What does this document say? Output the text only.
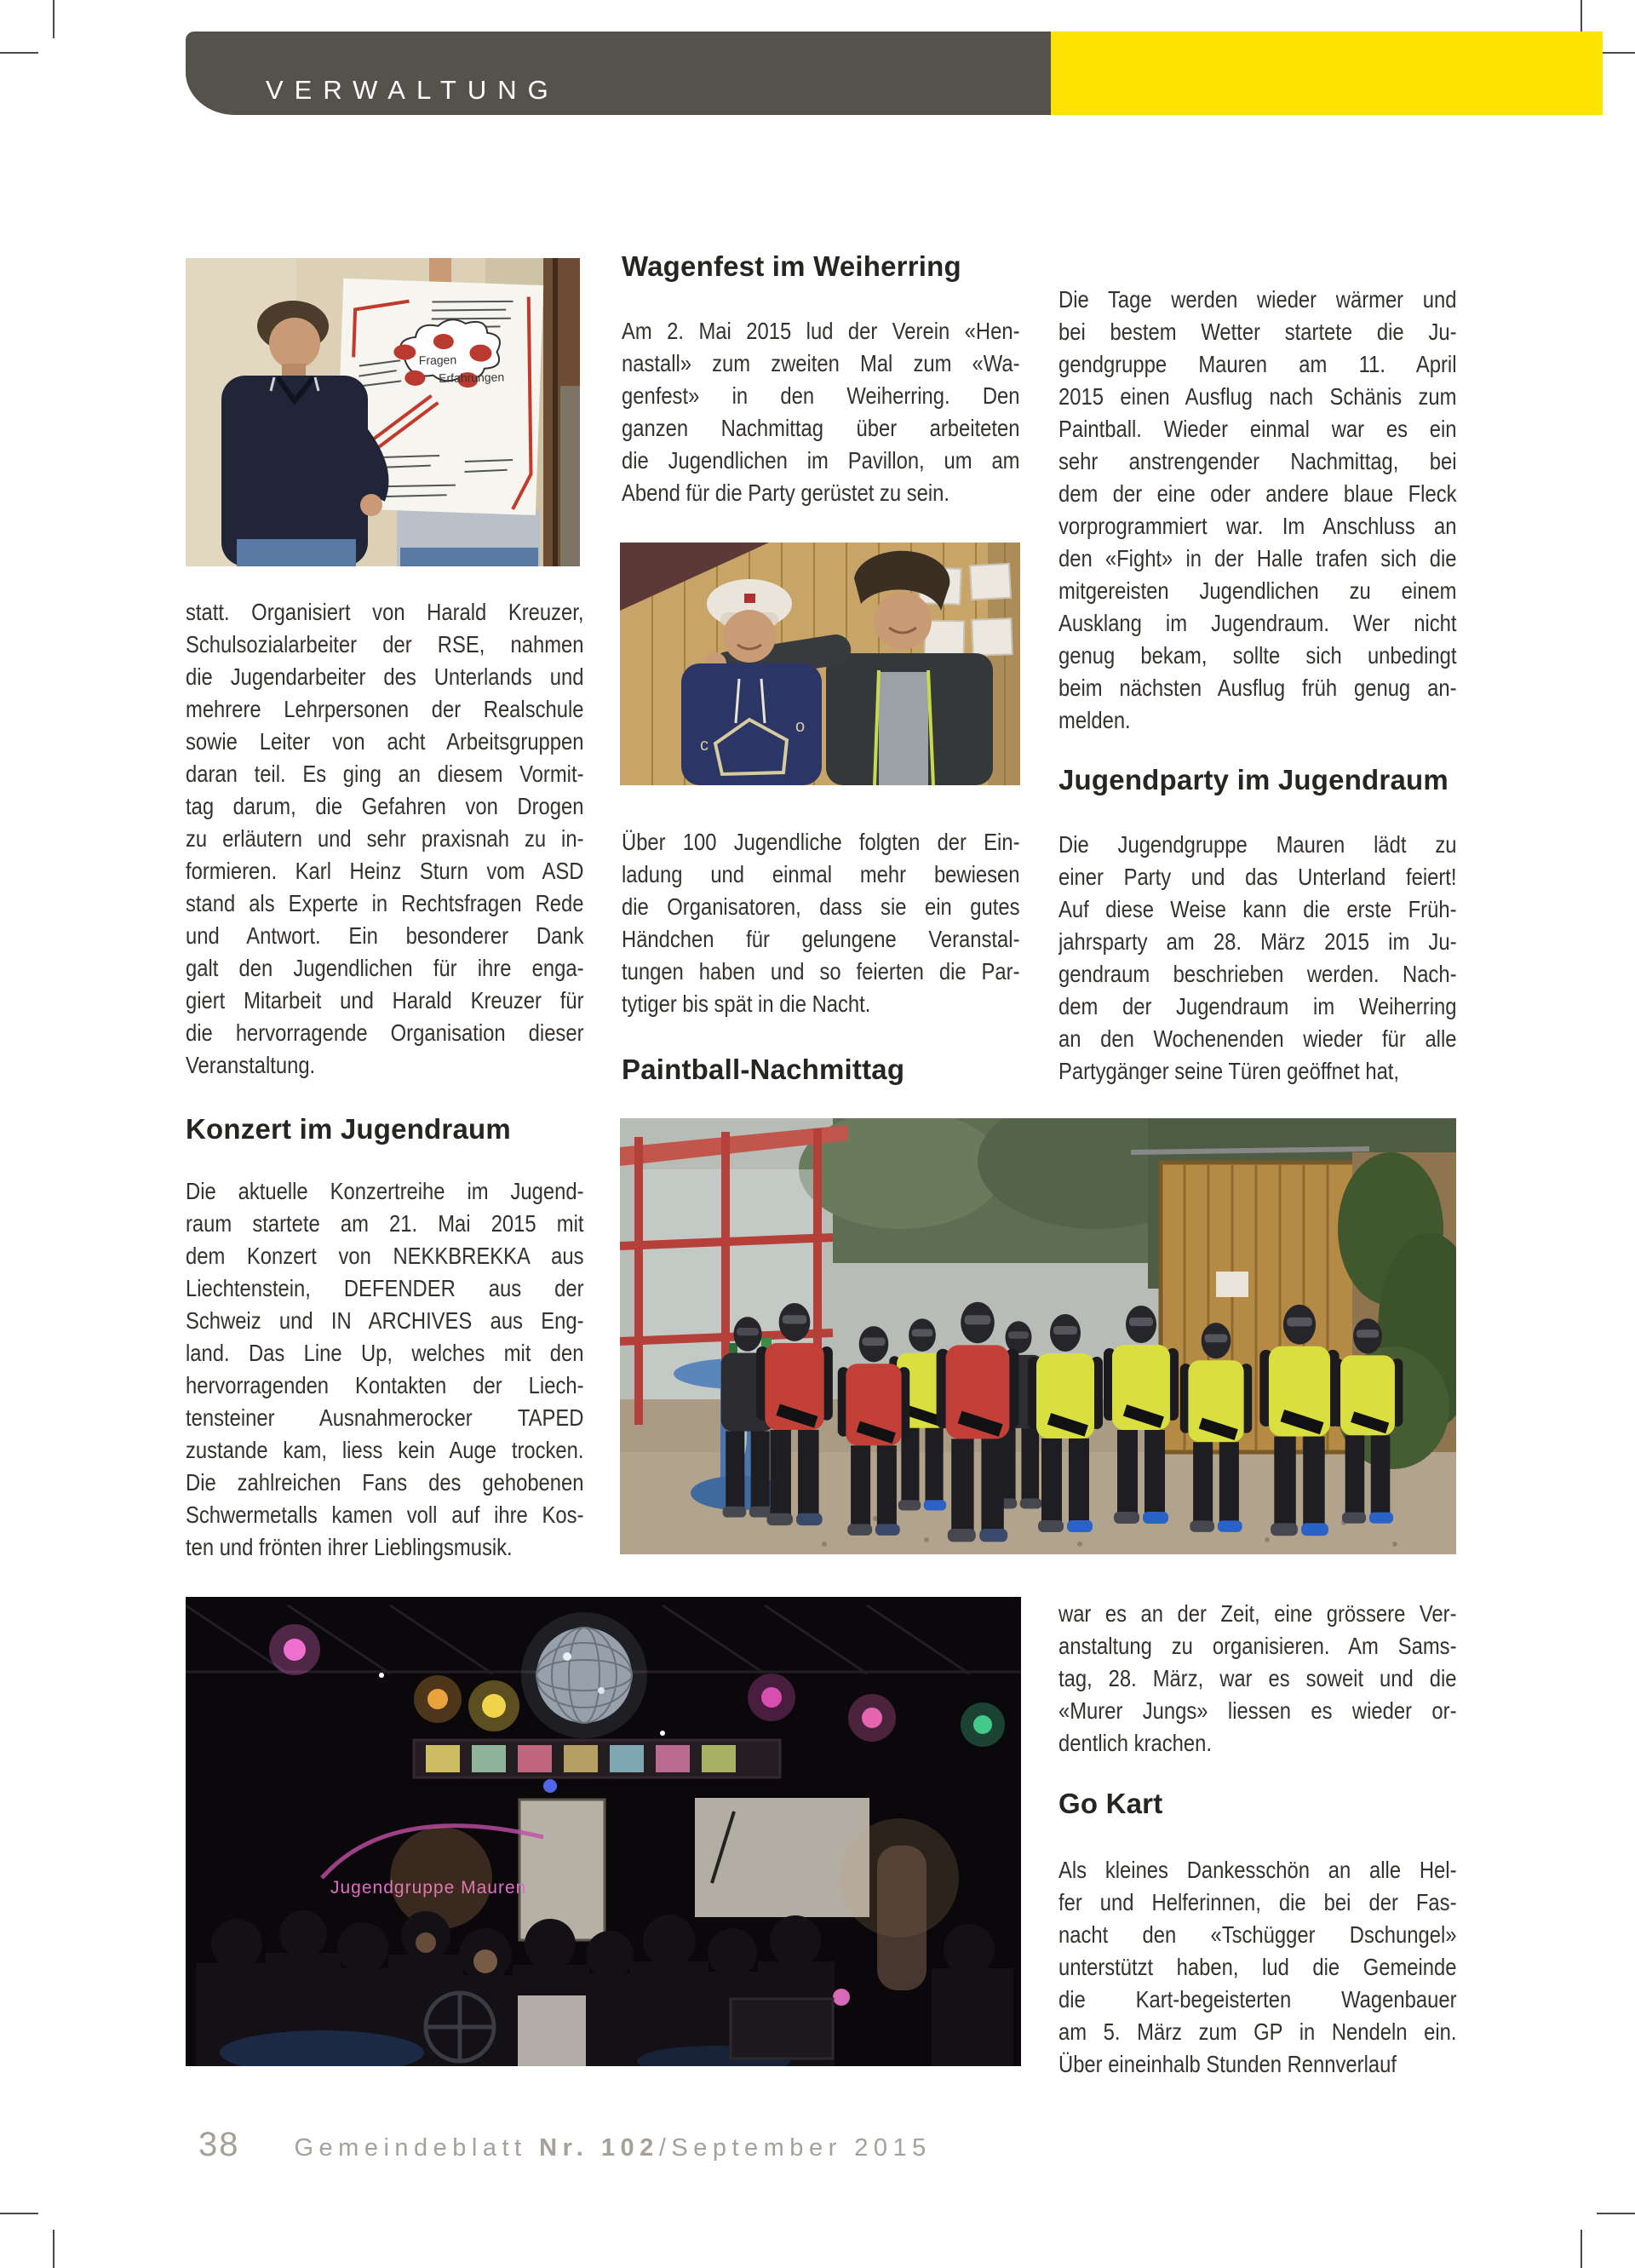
VERWALTUNG
Fragen
Erfahrungen
statt. Organisiert von Harald Kreuzer,
Schulsozialarbeiter der RSE, nahmen
die Jugendarbeiter des Unterlands und
mehrere Lehrpersonen der Realschule
sowie Leiter von acht Arbeitsgruppen
daran teil. Es ging an diesem Vormit-
tag darum, die Gefahren von Drogen
zu erläutern und sehr praxisnah zu in-
formieren. Karl Heinz Sturn vom ASD
stand als Experte in Rechtsfragen Rede
und Antwort. Ein besonderer Dank
galt den Jugendlichen für ihre enga-
giert Mitarbeit und Harald Kreuzer für
die hervorragende Organisation dieser
Veranstaltung.
Konzert im Jugendraum
Die aktuelle Konzertreihe im Jugend-
raum startete am 21. Mai 2015 mit
dem Konzert von NEKKBREKKA aus
Liechtenstein, DEFENDER aus der
Schweiz und IN ARCHIVES aus Eng-
land. Das Line Up, welches mit den
hervorragenden Kontakten der Liech-
tensteiner Ausnahmerocker TAPED
zustande kam, liess kein Auge trocken.
Die zahlreichen Fans des gehobenen
Schwermetalls kamen voll auf ihre Kos-
ten und frönten ihrer Lieblingsmusik.
Wagenfest im Weiherring
Am 2. Mai 2015 lud der Verein «Hen-
nastall» zum zweiten Mal zum «Wa-
genfest» in den Weiherring. Den
ganzen Nachmittag über arbeiteten
die Jugendlichen im Pavillon, um am
Abend für die Party gerüstet zu sein.
c
o
Über 100 Jugendliche folgten der Ein-
ladung und einmal mehr bewiesen
die Organisatoren, dass sie ein gutes
Händchen für gelungene Veranstal-
tungen haben und so feierten die Par-
tytiger bis spät in die Nacht.
Paintball-Nachmittag
Die Tage werden wieder wärmer und
bei bestem Wetter startete die Ju-
gendgruppe Mauren am 11. April
2015 einen Ausflug nach Schänis zum
Paintball. Wieder einmal war es ein
sehr anstrengender Nachmittag, bei
dem der eine oder andere blaue Fleck
vorprogrammiert war. Im Anschluss an
den «Fight» in der Halle trafen sich die
mitgereisten Jugendlichen zu einem
Ausklang im Jugendraum. Wer nicht
genug bekam, sollte sich unbedingt
beim nächsten Ausflug früh genug an-
melden.
Jugendparty im Jugendraum
Die Jugendgruppe Mauren lädt zu
einer Party und das Unterland feiert!
Auf diese Weise kann die erste Früh-
jahrsparty am 28. März 2015 im Ju-
gendraum beschrieben werden. Nach-
dem der Jugendraum im Weiherring
an den Wochenenden wieder für alle
Partygänger seine Türen geöffnet hat,
war es an der Zeit, eine grössere Ver-
anstaltung zu organisieren. Am Sams-
tag, 28. März, war es soweit und die
«Murer Jungs» liessen es wieder or-
dentlich krachen.
Go Kart
Als kleines Dankesschön an alle Hel-
fer und Helferinnen, die bei der Fas-
nacht den «Tschügger Dschungel»
unterstützt haben, lud die Gemeinde
die Kart-begeisterten Wagenbauer
am 5. März zum GP in Nendeln ein.
Über eineinhalb Stunden Rennverlauf
Jugendgruppe Mauren
38 Gemeindeblatt Nr. 102/September 2015
